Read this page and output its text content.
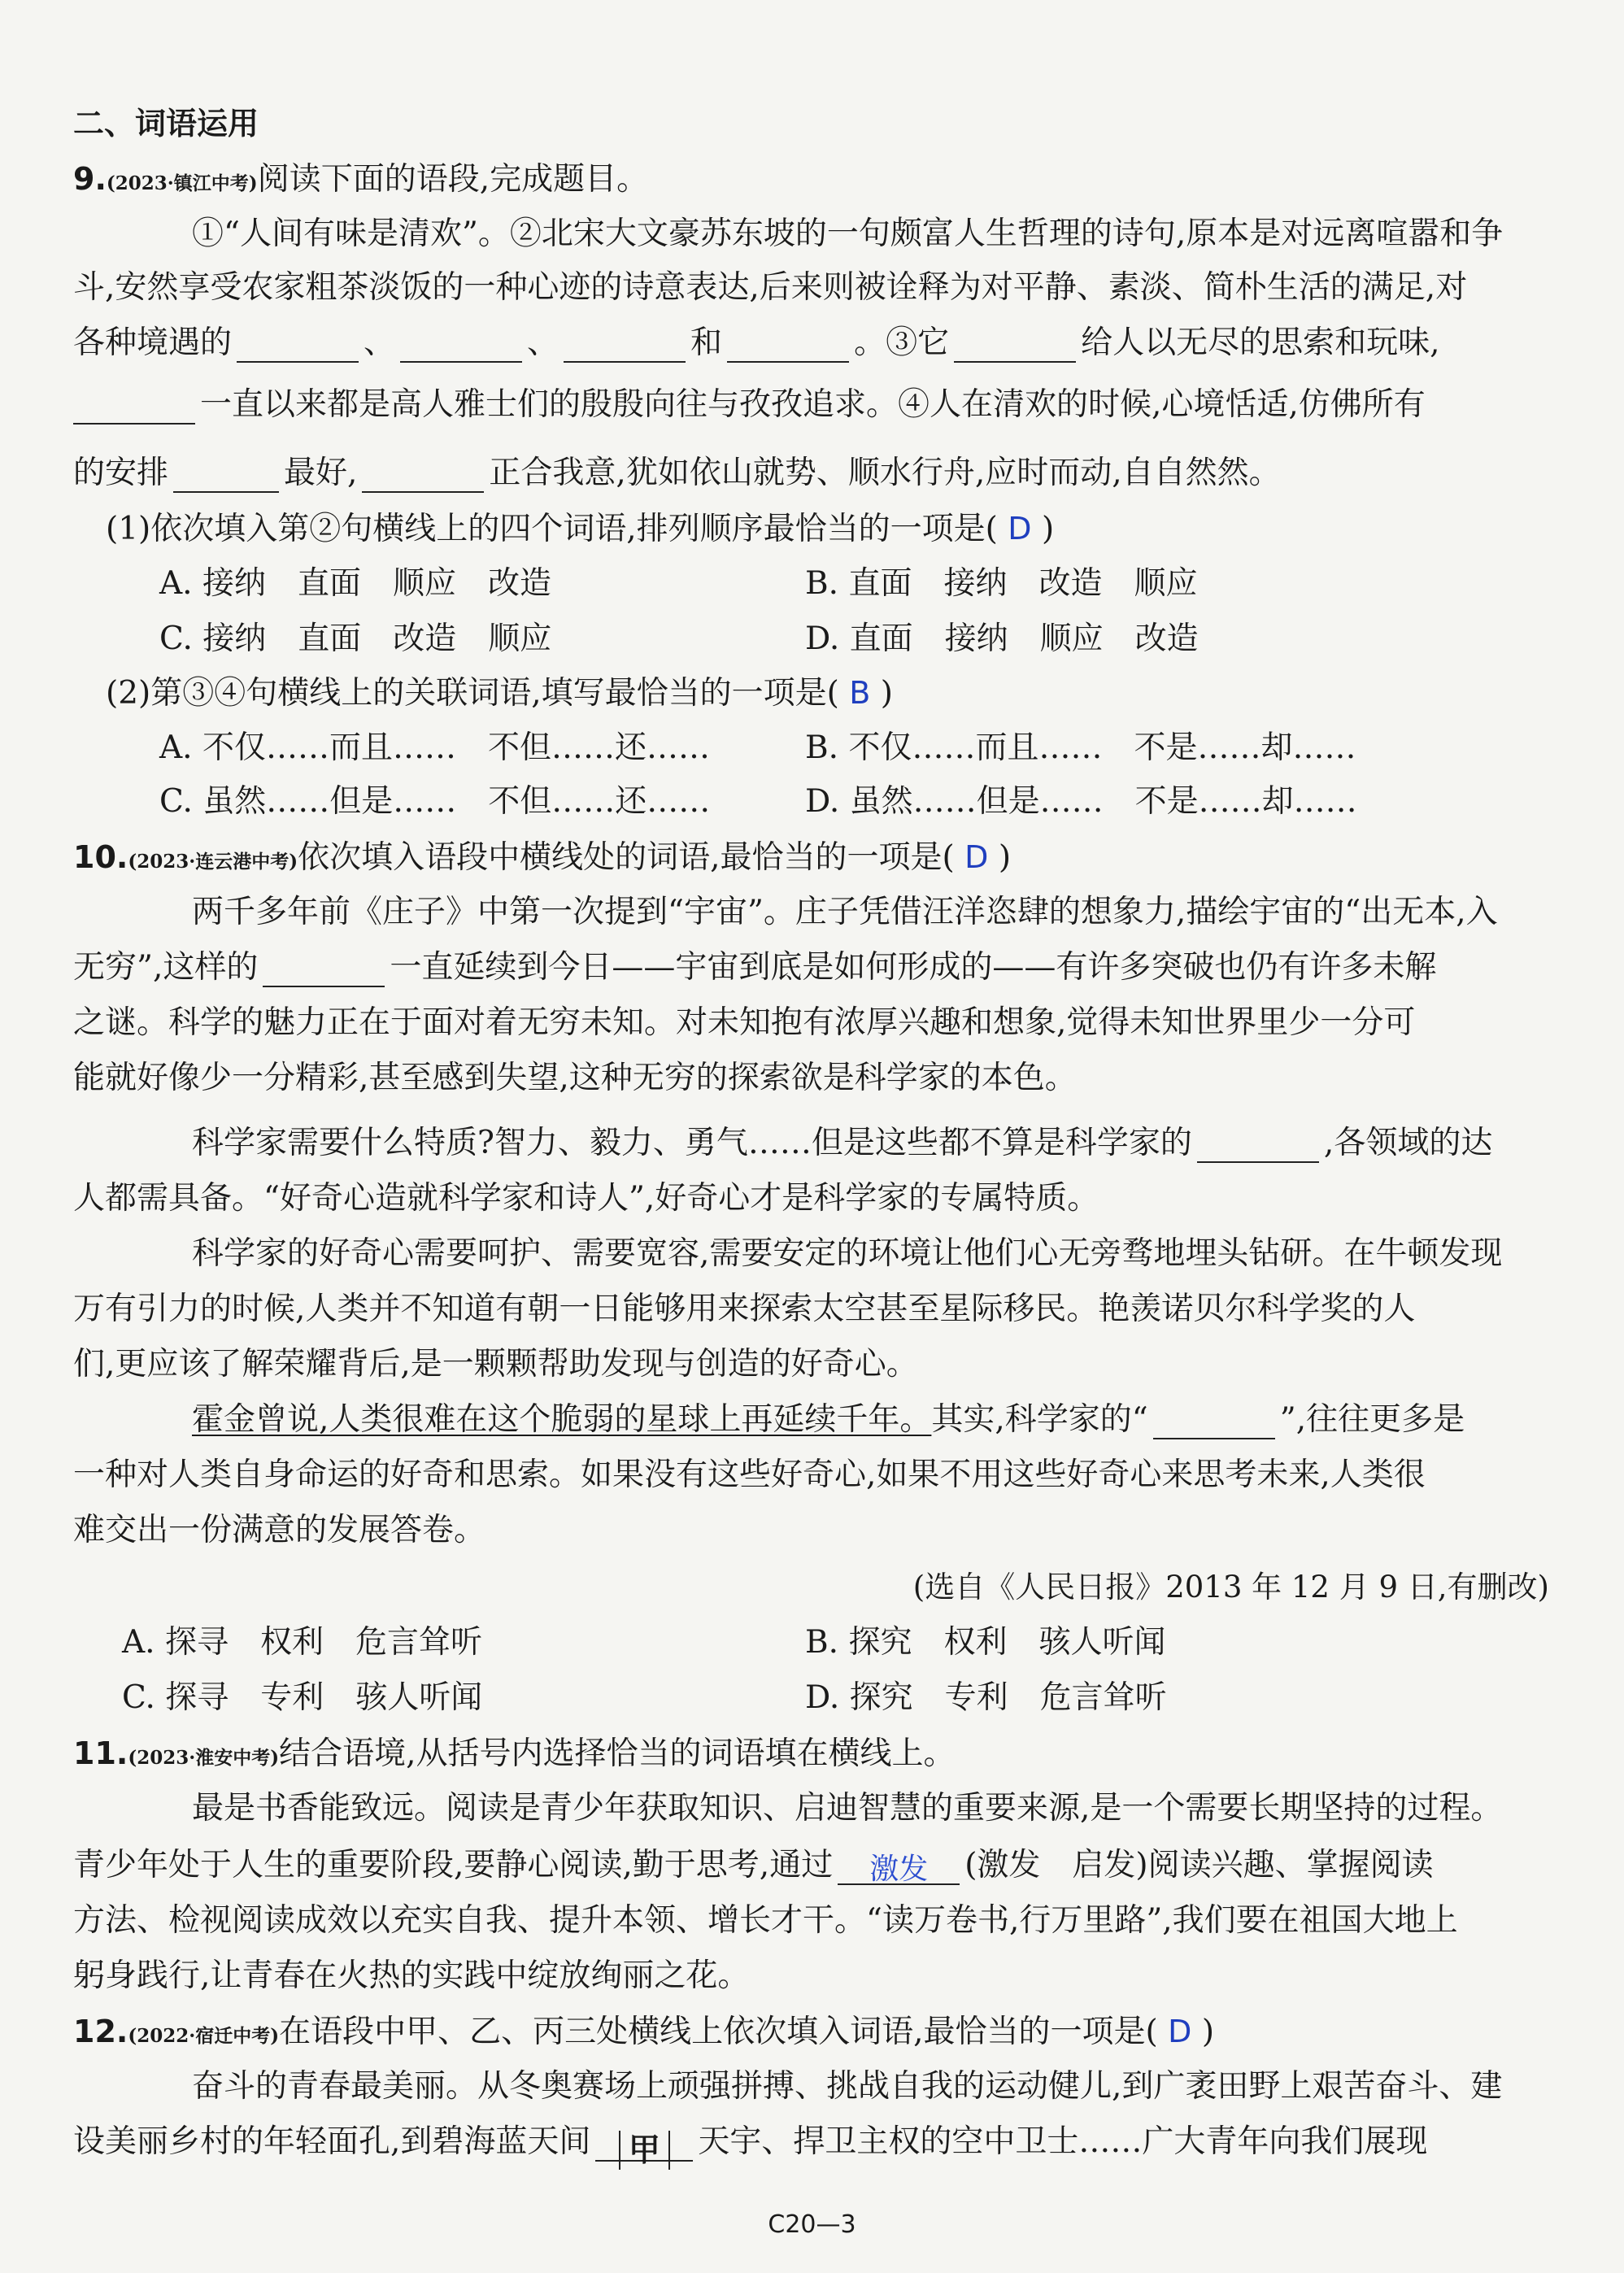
二、词语运用
9.(2023·镇江中考)阅读下面的语段,完成题目。
①“人间有味是清欢”。②北宋大文豪苏东坡的一句颇富人生哲理的诗句,原本是对远离喧嚣和争
斗,安然享受农家粗茶淡饭的一种心迹的诗意表达,后来则被诠释为对平静、素淡、简朴生活的满足,对
各种境遇的	、	、	和	。③它	给人以无尽的思索和玩味,
一直以来都是高人雅士们的殷殷向往与孜孜追求。④人在清欢的时候,心境恬适,仿佛所有
的安排	最好,	正合我意,犹如依山就势、顺水行舟,应时而动,自自然然。
(1)依次填入第②句横线上的四个词语,排列顺序最恰当的一项是( D )
A. 接纳　直面　顺应　改造	B. 直面　接纳　改造　顺应
C. 接纳　直面　改造　顺应	D. 直面　接纳　顺应　改造
(2)第③④句横线上的关联词语,填写最恰当的一项是( B )
A. 不仅……而且……　不但……还……	B. 不仅……而且……　不是……却……
C. 虽然……但是……　不但……还……	D. 虽然……但是……　不是……却……
10.(2023·连云港中考)依次填入语段中横线处的词语,最恰当的一项是( D )
两千多年前《庄子》中第一次提到“宇宙”。庄子凭借汪洋恣肆的想象力,描绘宇宙的“出无本,入
无穷”,这样的	一直延续到今日——宇宙到底是如何形成的——有许多突破也仍有许多未解
之谜。科学的魅力正在于面对着无穷未知。对未知抱有浓厚兴趣和想象,觉得未知世界里少一分可
能就好像少一分精彩,甚至感到失望,这种无穷的探索欲是科学家的本色。
科学家需要什么特质?智力、毅力、勇气……但是这些都不算是科学家的	,各领域的达
人都需具备。“好奇心造就科学家和诗人”,好奇心才是科学家的专属特质。
科学家的好奇心需要呵护、需要宽容,需要安定的环境让他们心无旁骛地埋头钻研。在牛顿发现
万有引力的时候,人类并不知道有朝一日能够用来探索太空甚至星际移民。艳羡诺贝尔科学奖的人
们,更应该了解荣耀背后,是一颗颗帮助发现与创造的好奇心。
霍金曾说,人类很难在这个脆弱的星球上再延续千年。其实,科学家的“	”,往往更多是
一种对人类自身命运的好奇和思索。如果没有这些好奇心,如果不用这些好奇心来思考未来,人类很
难交出一份满意的发展答卷。
(选自《人民日报》2013 年 12 月 9 日,有删改)
A. 探寻　权利　危言耸听	B. 探究　权利　骇人听闻
C. 探寻　专利　骇人听闻	D. 探究　专利　危言耸听
11.(2023·淮安中考)结合语境,从括号内选择恰当的词语填在横线上。
最是书香能致远。阅读是青少年获取知识、启迪智慧的重要来源,是一个需要长期坚持的过程。
青少年处于人生的重要阶段,要静心阅读,勤于思考,通过 激发 (激发　启发)阅读兴趣、掌握阅读
方法、检视阅读成效以充实自我、提升本领、增长才干。“读万卷书,行万里路”,我们要在祖国大地上
躬身践行,让青春在火热的实践中绽放绚丽之花。
12.(2022·宿迁中考)在语段中甲、乙、丙三处横线上依次填入词语,最恰当的一项是( D )
奋斗的青春最美丽。从冬奥赛场上顽强拼搏、挑战自我的运动健儿,到广袤田野上艰苦奋斗、建
设美丽乡村的年轻面孔,到碧海蓝天间 甲 天宇、捍卫主权的空中卫士……广大青年向我们展现
C20—3
